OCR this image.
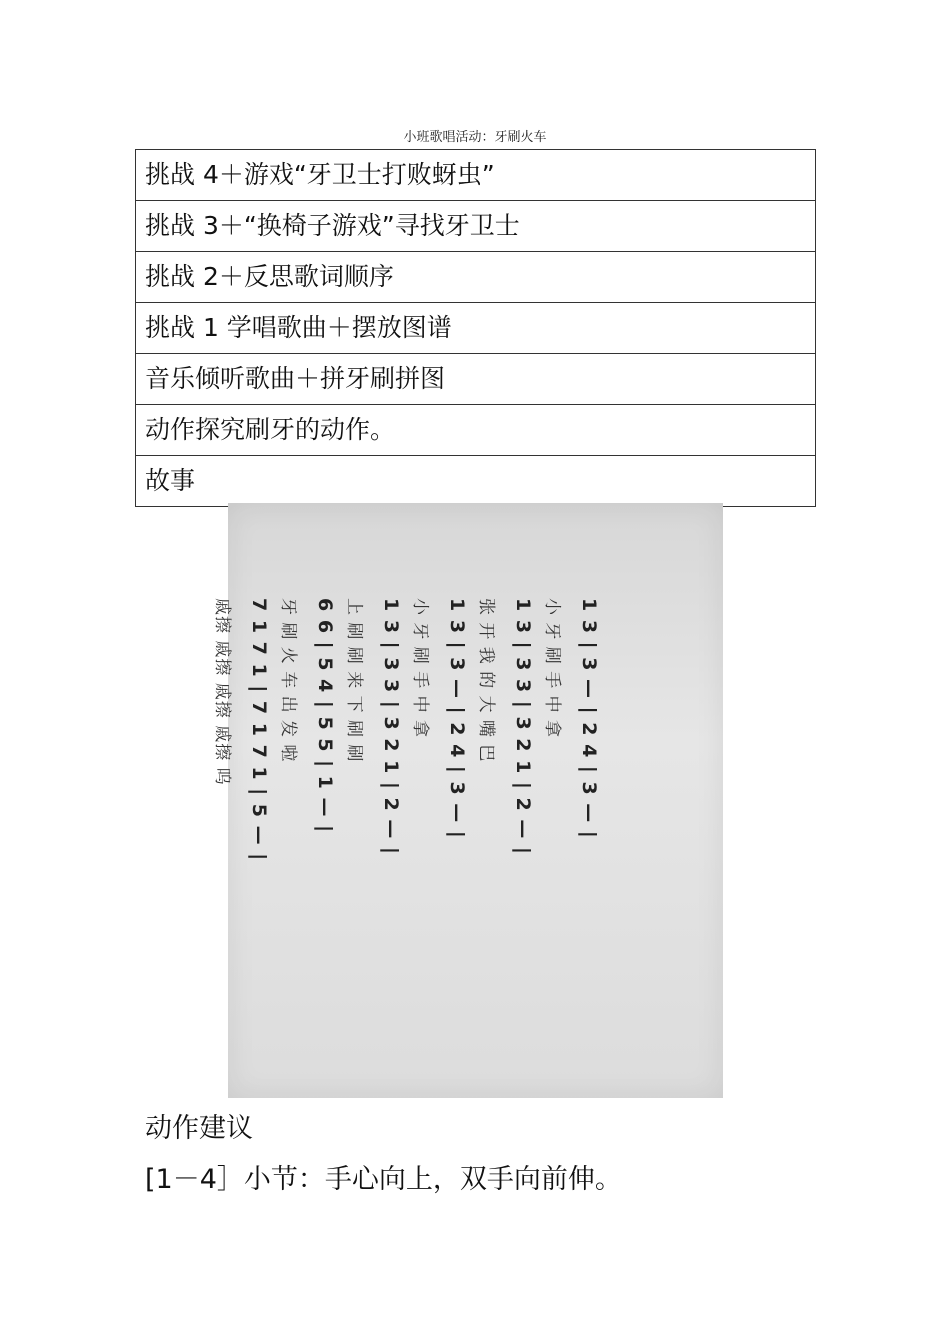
小班歌唱活动：牙刷火车
挑战 4＋游戏“牙卫士打败蚜虫”
挑战 3＋“换椅子游戏”寻找牙卫士
挑战 2＋反思歌词顺序
挑战 1 学唱歌曲＋摆放图谱
音乐倾听歌曲＋拼牙刷拼图
动作探究刷牙的动作。
故事
1 3 | 3 — | 2 4 | 3 — |
小 牙 刷 手 中 拿
1 3 | 3 3 | 3 2 1 | 2 — |
张 开 我 的 大 嘴 巴
1 3 | 3 — | 2 4 | 3 — |
小 牙 刷 手 中 拿
1 3 | 3 3 | 3 2 1 | 2 — |
上 刷 刷 来 下 刷 刷
6 6 | 5 4 | 5 5 | 1 — |
牙 刷 火 车 出 发 啦
7 1 7 1 | 7 1 7 1 | 5 — |
戚擦 戚擦 戚擦 戚擦 呜
动作建议
[1－4］小节：手心向上，双手向前伸。
